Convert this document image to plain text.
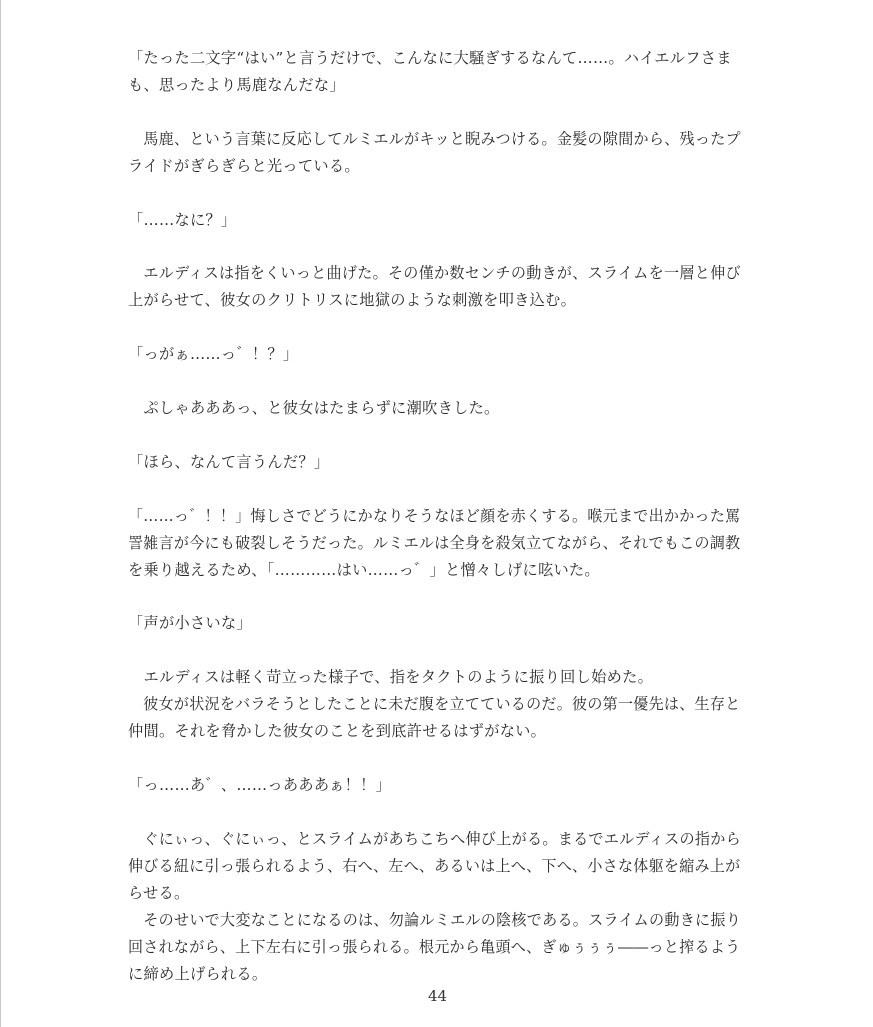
「たった二文字“はい”と言うだけで、こんなに大騒ぎするなんて……。ハイエルフさま
も、思ったより馬鹿なんだな」
　馬鹿、という言葉に反応してルミエルがキッと睨みつける。金髪の隙間から、残ったプ
ライドがぎらぎらと光っている。
「……なに？」
　エルディスは指をくいっと曲げた。その僅か数センチの動きが、スライムを一層と伸び
上がらせて、彼女のクリトリスに地獄のような刺激を叩き込む。
「っがぁ……っ゛！？」
　ぷしゃあああっ、と彼女はたまらずに潮吹きした。
「ほら、なんて言うんだ？」
「……っ゛！！」悔しさでどうにかなりそうなほど顔を赤くする。喉元まで出かかった罵
詈雑言が今にも破裂しそうだった。ルミエルは全身を殺気立てながら、それでもこの調教
を乗り越えるため、「…………はい……っ゛」と憎々しげに呟いた。
「声が小さいな」
　エルディスは軽く苛立った様子で、指をタクトのように振り回し始めた。
　彼女が状況をバラそうとしたことに未だ腹を立てているのだ。彼の第一優先は、生存と
仲間。それを脅かした彼女のことを到底許せるはずがない。
「っ……あ゛、……っあああぁ！！」
　ぐにぃっ、ぐにぃっ、とスライムがあちこちへ伸び上がる。まるでエルディスの指から
伸びる紐に引っ張られるよう、右へ、左へ、あるいは上へ、下へ、小さな体躯を縮み上が
らせる。
　そのせいで大変なことになるのは、勿論ルミエルの陰核である。スライムの動きに振り
回されながら、上下左右に引っ張られる。根元から亀頭へ、ぎゅぅぅぅ――っと搾るよう
に締め上げられる。
44
